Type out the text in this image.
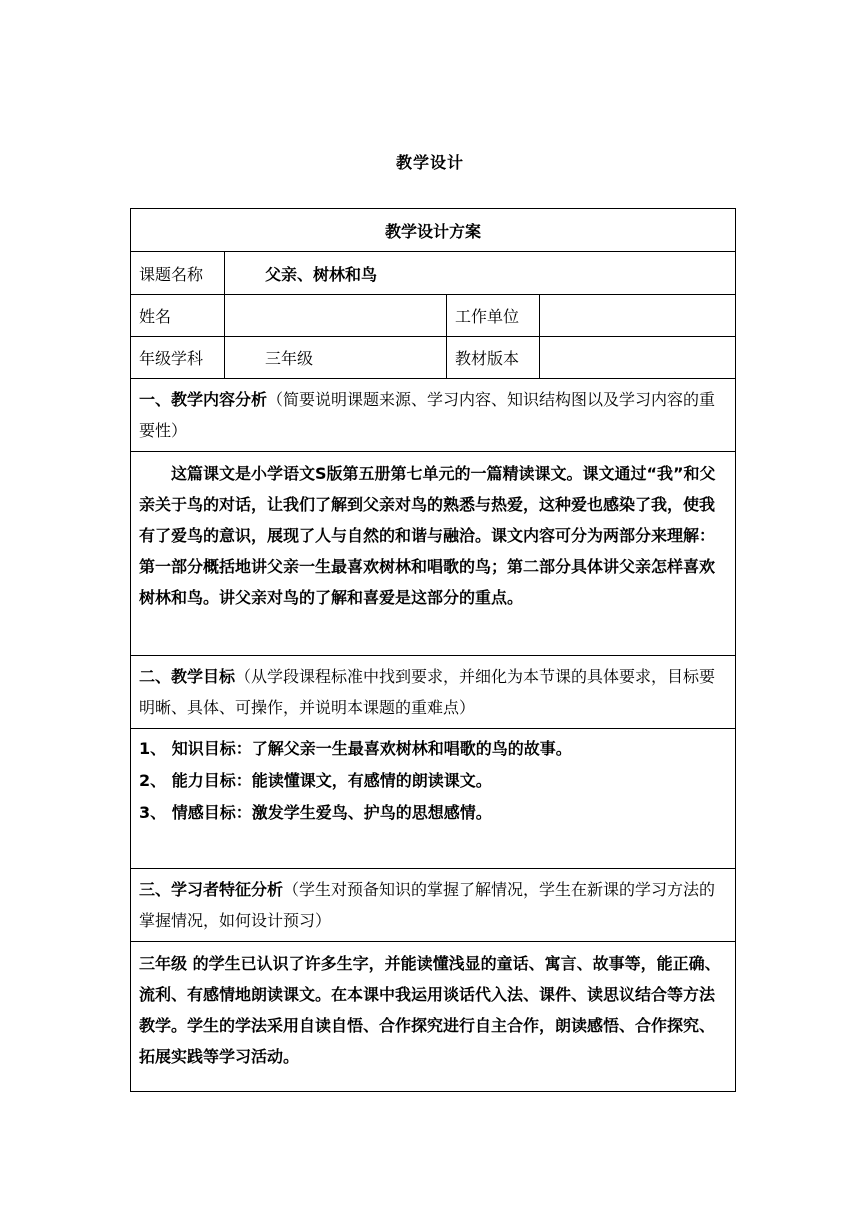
教学设计
教学设计方案			
课题名称	父亲、树林和鸟		
姓名		工作单位	
年级学科	三年级	教材版本	
一、教学内容分析（简要说明课题来源、学习内容、知识结构图以及学习内容的重要性）			
这篇课文是小学语文S版第五册第七单元的一篇精读课文。课文通过“我”和父亲关于鸟的对话，让我们了解到父亲对鸟的熟悉与热爱，这种爱也感染了我，使我有了爱鸟的意识，展现了人与自然的和谐与融洽。课文内容可分为两部分来理解：第一部分概括地讲父亲一生最喜欢树林和唱歌的鸟；第二部分具体讲父亲怎样喜欢树林和鸟。讲父亲对鸟的了解和喜爱是这部分的重点。			
二、教学目标（从学段课程标准中找到要求，并细化为本节课的具体要求，目标要明晰、具体、可操作，并说明本课题的重难点）			

1、 知识目标：了解父亲一生最喜欢树林和唱歌的鸟的故事。
2、 能力目标：能读懂课文，有感情的朗读课文。
3、 情感目标：激发学生爱鸟、护鸟的思想感情。			

三、学习者特征分析（学生对预备知识的掌握了解情况，学生在新课的学习方法的掌握情况，如何设计预习）			
三年级 的学生已认识了许多生字，并能读懂浅显的童话、寓言、故事等，能正确、流利、有感情地朗读课文。在本课中我运用谈话代入法、课件、读思议结合等方法教学。学生的学法采用自读自悟、合作探究进行自主合作，朗读感悟、合作探究、拓展实践等学习活动。			
